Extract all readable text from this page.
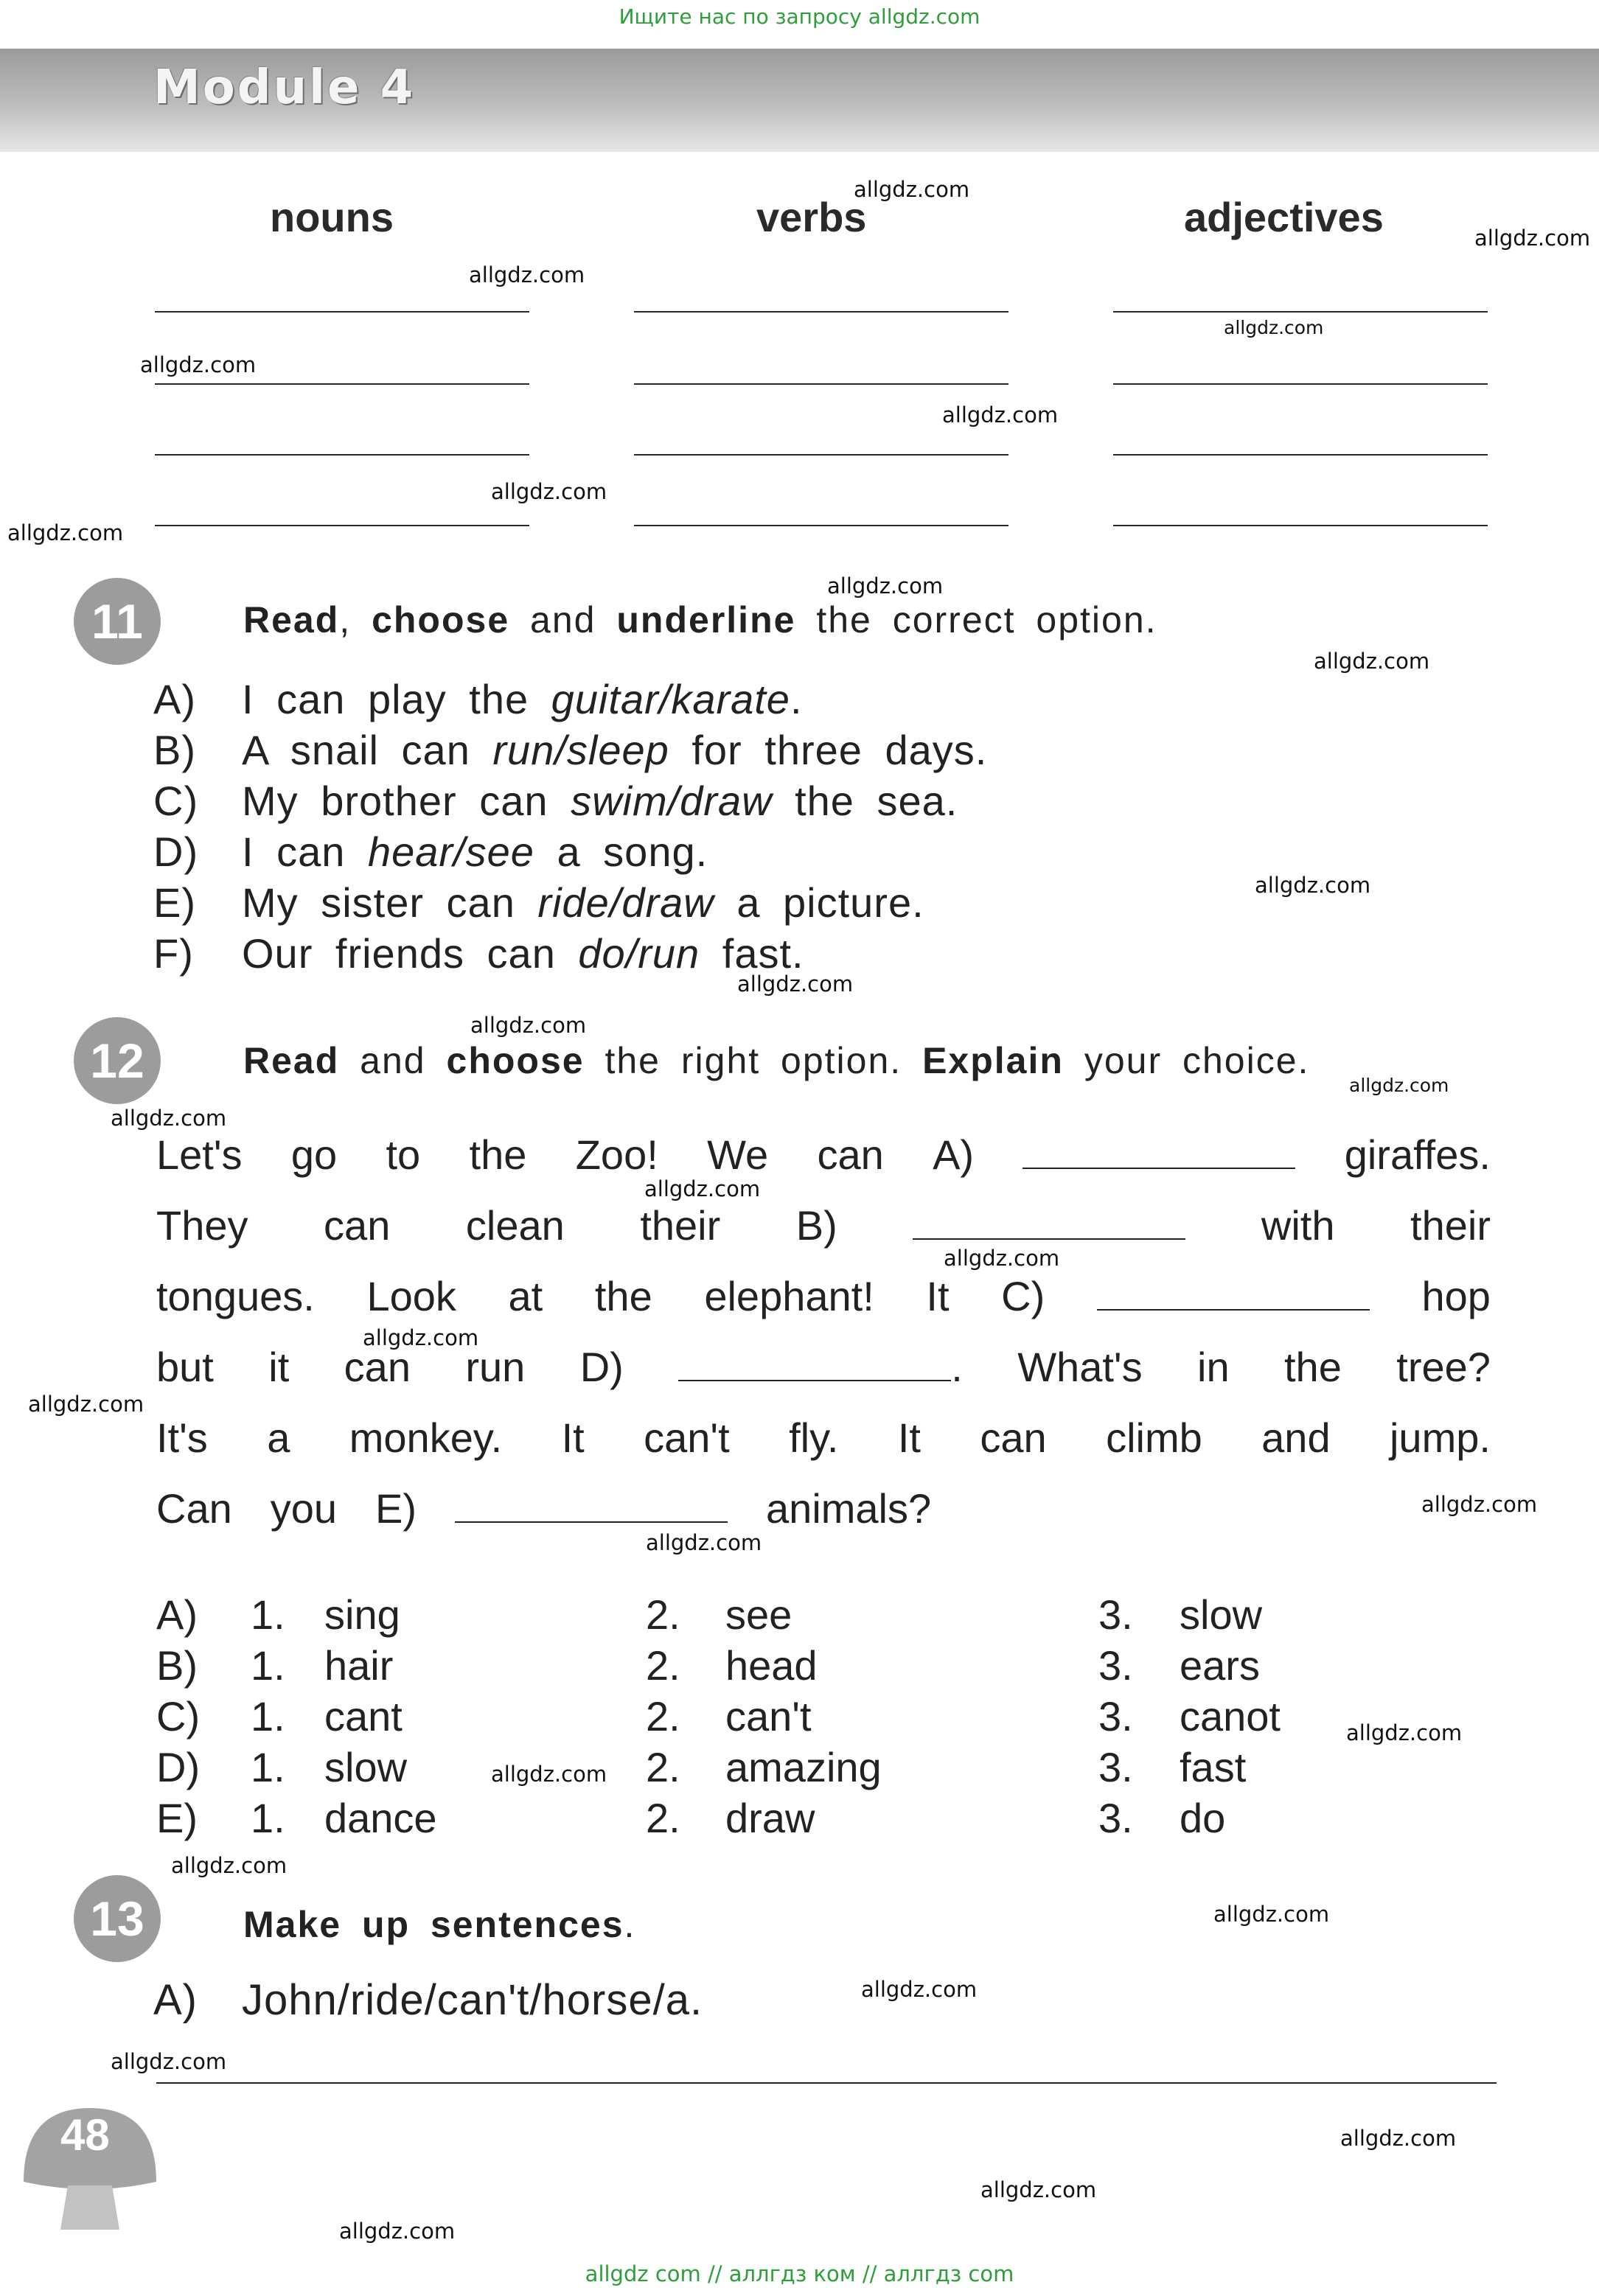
Ищите нас по запросу allgdz.com
Module 4
nouns	verbs	adjectives
11	Read, choose and underline the correct option.
A) I can play the guitar/karate.
B) A snail can run/sleep for three days.
C) My brother can swim/draw the sea.
D) I can hear/see a song.
E) My sister can ride/draw a picture.
F) Our friends can do/run fast.
12	Read and choose the right option. Explain your choice.
Let's go to the Zoo! We can A)	giraffes.
They can clean their B)	with their
tongues. Look at the elephant! It C)	hop
but it can run D)	. What's in the tree?
It's a monkey. It can't fly. It can climb and jump.
Can you E)	animals?
A) 1. sing	2. see	3. slow
B) 1. hair	2. head	3. ears
C) 1. cant	2. can't	3. canot
D) 1. slow	2. amazing	3. fast
E) 1. dance	2. draw	3. do
13	Make up sentences.
A) John/ride/can't/horse/a.
48
allgdz.com
allgdz.com
allgdz.com
allgdz.com
allgdz.com
allgdz.com
allgdz.com
allgdz.com
allgdz.com
allgdz.com
allgdz.com
allgdz.com
allgdz.com
allgdz.com
allgdz.com
allgdz.com
allgdz.com
allgdz.com
allgdz.com
allgdz.com
allgdz.com
allgdz.com
allgdz.com
allgdz.com
allgdz.com
allgdz.com
allgdz.com
allgdz.com
allgdz.com
allgdz.com
allgdz com // аллгдз ком // аллгдз com
